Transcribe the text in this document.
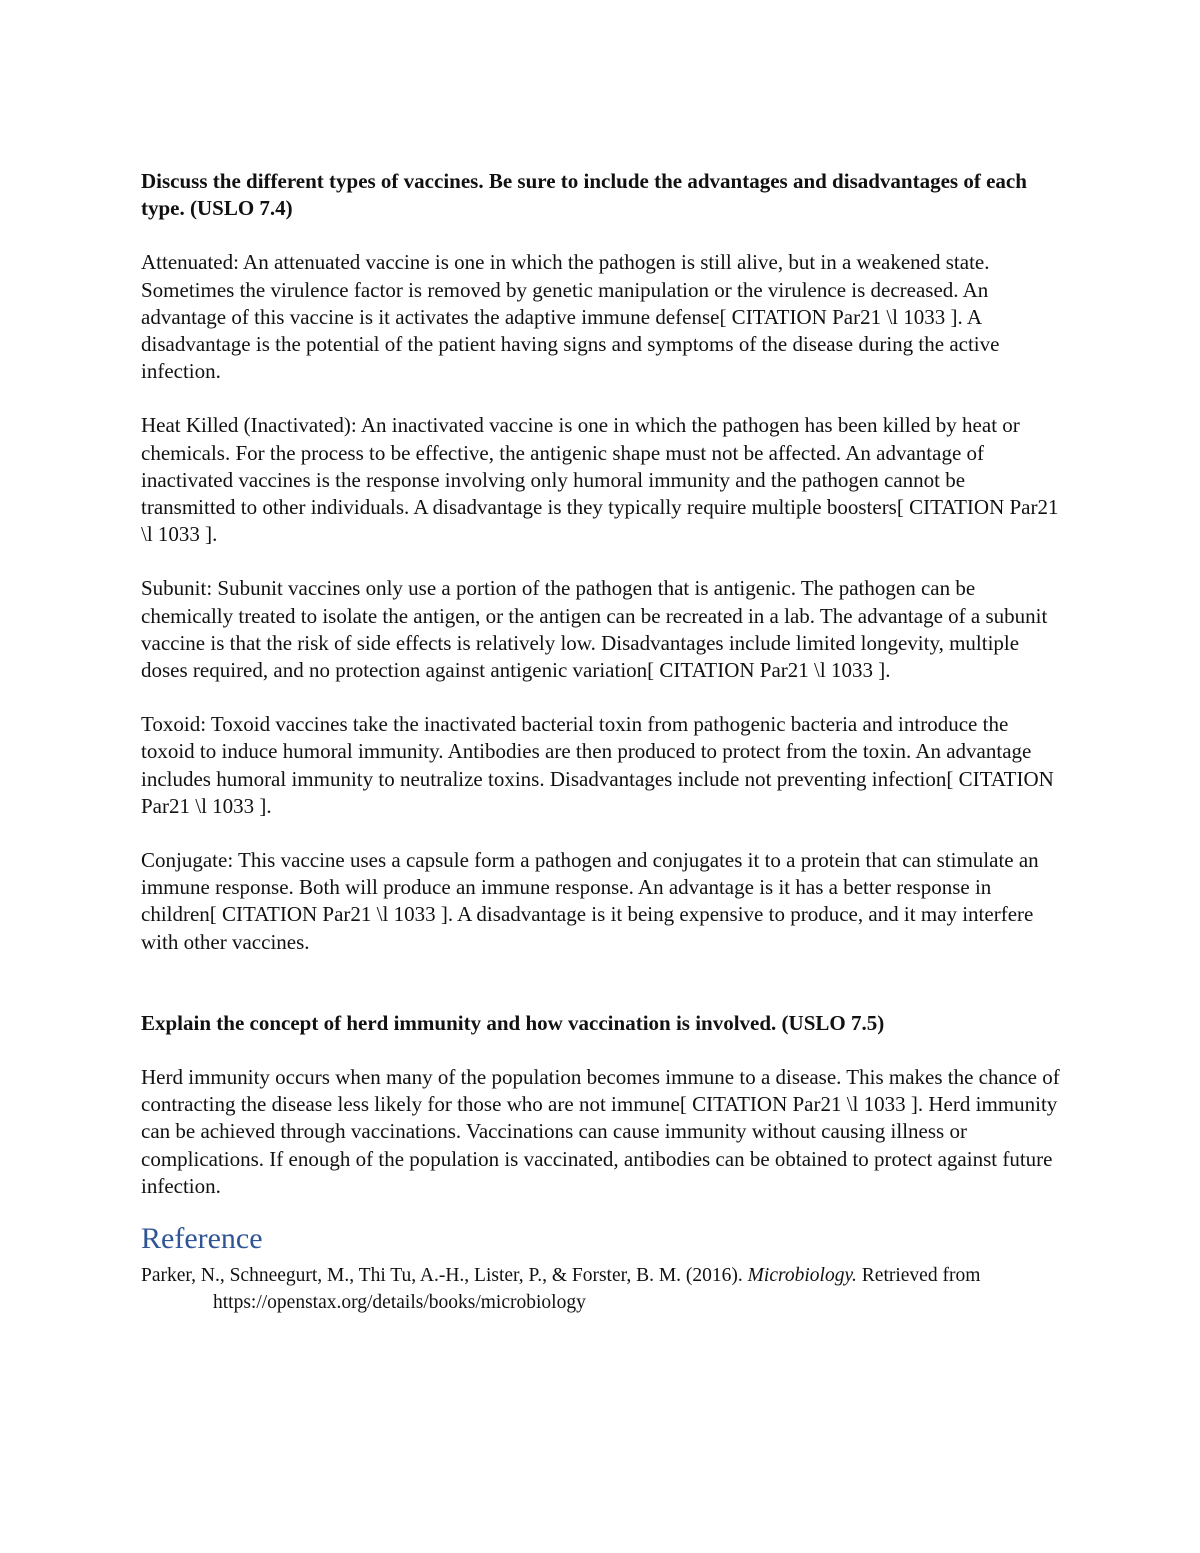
Discuss the different types of vaccines. Be sure to include the advantages and disadvantages of each type. (USLO 7.4)

Attenuated: An attenuated vaccine is one in which the pathogen is still alive, but in a weakened state. Sometimes the virulence factor is removed by genetic manipulation or the virulence is decreased. An advantage of this vaccine is it activates the adaptive immune defense[ CITATION Par21 \l 1033 ]. A disadvantage is the potential of the patient having signs and symptoms of the disease during the active infection.

Heat Killed (Inactivated): An inactivated vaccine is one in which the pathogen has been killed by heat or chemicals. For the process to be effective, the antigenic shape must not be affected. An advantage of inactivated vaccines is the response involving only humoral immunity and the pathogen cannot be transmitted to other individuals. A disadvantage is they typically require multiple boosters[ CITATION Par21 \l 1033 ].

Subunit: Subunit vaccines only use a portion of the pathogen that is antigenic. The pathogen can be chemically treated to isolate the antigen, or the antigen can be recreated in a lab. The advantage of a subunit vaccine is that the risk of side effects is relatively low. Disadvantages include limited longevity, multiple doses required, and no protection against antigenic variation[ CITATION Par21 \l 1033 ].

Toxoid: Toxoid vaccines take the inactivated bacterial toxin from pathogenic bacteria and introduce the toxoid to induce humoral immunity. Antibodies are then produced to protect from the toxin. An advantage includes humoral immunity to neutralize toxins. Disadvantages include not preventing infection[ CITATION Par21 \l 1033 ].

Conjugate: This vaccine uses a capsule form a pathogen and conjugates it to a protein that can stimulate an immune response. Both will produce an immune response. An advantage is it has a better response in children[ CITATION Par21 \l 1033 ]. A disadvantage is it being expensive to produce, and it may interfere with other vaccines.

Explain the concept of herd immunity and how vaccination is involved. (USLO 7.5)

Herd immunity occurs when many of the population becomes immune to a disease. This makes the chance of contracting the disease less likely for those who are not immune[ CITATION Par21 \l 1033 ]. Herd immunity can be achieved through vaccinations. Vaccinations can cause immunity without causing illness or complications. If enough of the population is vaccinated, antibodies can be obtained to protect against future infection.

Reference

Parker, N., Schneegurt, M., Thi Tu, A.-H., Lister, P., & Forster, B. M. (2016). Microbiology. Retrieved from https://openstax.org/details/books/microbiology
